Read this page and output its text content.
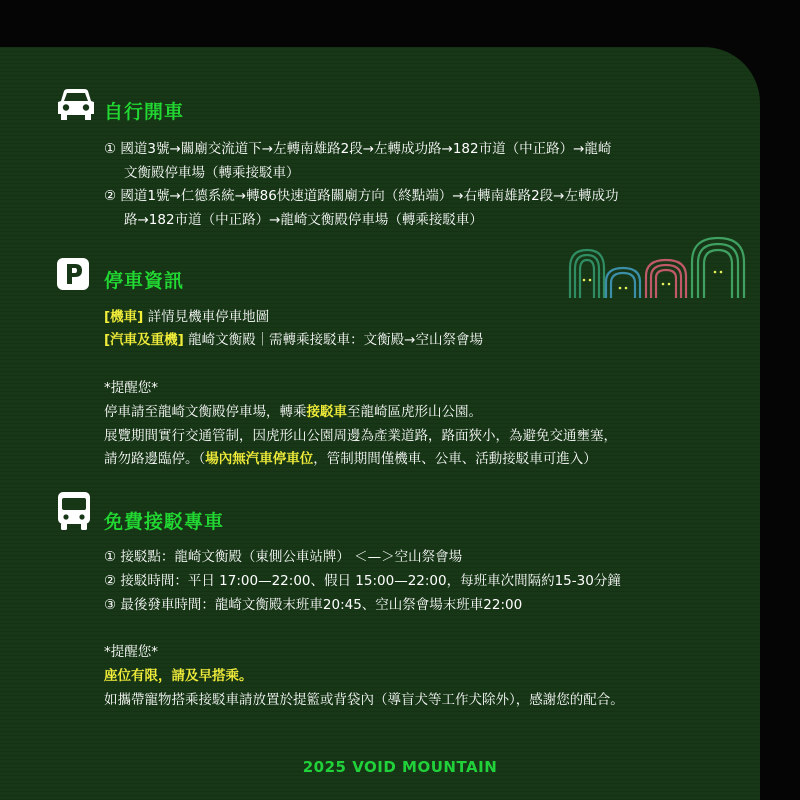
自行開車
① 國道3號→關廟交流道下→左轉南雄路2段→左轉成功路→182市道（中正路）→龍崎
文衡殿停車場（轉乘接駁車）
② 國道1號→仁德系統→轉86快速道路關廟方向（終點端）→右轉南雄路2段→左轉成功
路→182市道（中正路）→龍崎文衡殿停車場（轉乘接駁車）
停車資訊
[機車] 詳情見機車停車地圖
[汽車及重機] 龍崎文衡殿｜需轉乘接駁車：文衡殿→空山祭會場
*提醒您*
停車請至龍崎文衡殿停車場，轉乘接駁車至龍崎區虎形山公園。
展覽期間實行交通管制，因虎形山公園周邊為產業道路，路面狹小，為避免交通壅塞，
請勿路邊臨停。（場內無汽車停車位，管制期間僅機車、公車、活動接駁車可進入）
免費接駁專車
① 接駁點：龍崎文衡殿（東側公車站牌） ＜—＞空山祭會場
② 接駁時間：平日 17:00—22:00、假日 15:00—22:00，每班車次間隔約15-30分鐘
③ 最後發車時間：龍崎文衡殿末班車20:45、空山祭會場末班車22:00
*提醒您*
座位有限，請及早搭乘。
如攜帶寵物搭乘接駁車請放置於提籃或背袋內（導盲犬等工作犬除外），感謝您的配合。
2025 VOID MOUNTAIN
